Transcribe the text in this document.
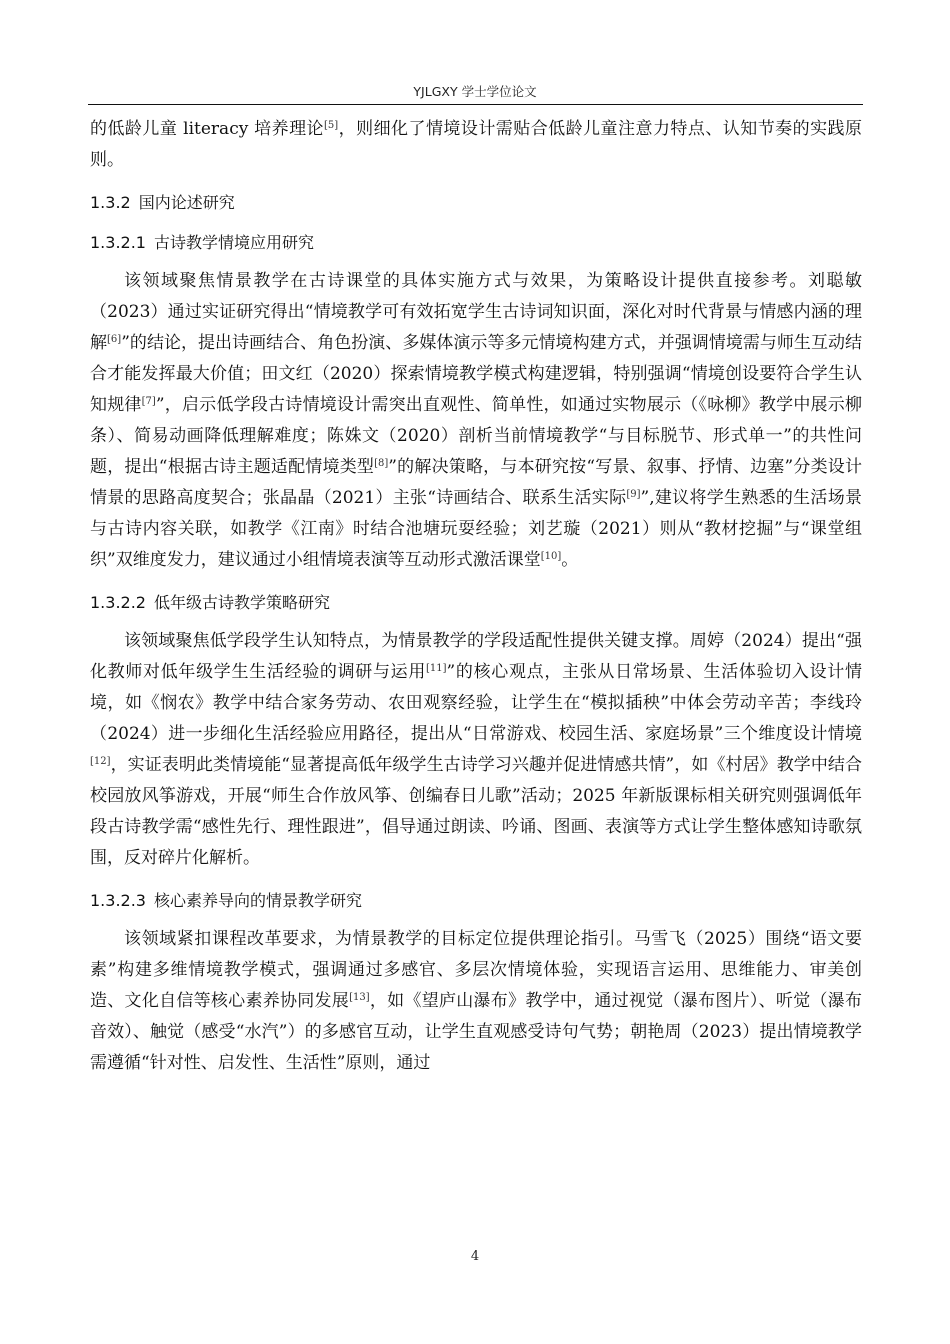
YJLGXY 学士学位论文

的低龄儿童 literacy 培养理论[5]，则细化了情境设计需贴合低龄儿童注意力特点、认知节奏的实践原则。

1.3.2 国内论述研究
1.3.2.1 古诗教学情境应用研究

该领域聚焦情景教学在古诗课堂的具体实施方式与效果，为策略设计提供直接参考。刘聪敏（2023）通过实证研究得出“情境教学可有效拓宽学生古诗词知识面，深化对时代背景与情感内涵的理解[6]”的结论，提出诗画结合、角色扮演、多媒体演示等多元情境构建方式，并强调情境需与师生互动结合才能发挥最大价值；田文红（2020）探索情境教学模式构建逻辑，特别强调“情境创设要符合学生认知规律[7]”，启示低学段古诗情境设计需突出直观性、简单性，如通过实物展示（《咏柳》教学中展示柳条）、简易动画降低理解难度；陈姝文（2020）剖析当前情境教学“与目标脱节、形式单一”的共性问题，提出“根据古诗主题适配情境类型[8]”的解决策略，与本研究按“写景、叙事、抒情、边塞”分类设计情景的思路高度契合；张晶晶（2021）主张“诗画结合、联系生活实际[9]”,建议将学生熟悉的生活场景与古诗内容关联，如教学《江南》时结合池塘玩耍经验；刘艺璇（2021）则从“教材挖掘”与“课堂组织”双维度发力，建议通过小组情境表演等互动形式激活课堂[10]。

1.3.2.2 低年级古诗教学策略研究

该领域聚焦低学段学生认知特点，为情景教学的学段适配性提供关键支撑。周婷（2024）提出“强化教师对低年级学生生活经验的调研与运用[11]”的核心观点，主张从日常场景、生活体验切入设计情境，如《悯农》教学中结合家务劳动、农田观察经验，让学生在“模拟插秧”中体会劳动辛苦；李线玲（2024）进一步细化生活经验应用路径，提出从“日常游戏、校园生活、家庭场景”三个维度设计情境[12]，实证表明此类情境能“显著提高低年级学生古诗学习兴趣并促进情感共情”，如《村居》教学中结合校园放风筝游戏，开展“师生合作放风筝、创编春日儿歌”活动；2025 年新版课标相关研究则强调低年段古诗教学需“感性先行、理性跟进”，倡导通过朗读、吟诵、图画、表演等方式让学生整体感知诗歌氛围，反对碎片化解析。

1.3.2.3 核心素养导向的情景教学研究

该领域紧扣课程改革要求，为情景教学的目标定位提供理论指引。马雪飞（2025）围绕“语文要素”构建多维情境教学模式，强调通过多感官、多层次情境体验，实现语言运用、思维能力、审美创造、文化自信等核心素养协同发展[13]，如《望庐山瀑布》教学中，通过视觉（瀑布图片）、听觉（瀑布音效）、触觉（感受“水汽”）的多感官互动，让学生直观感受诗句气势；朝艳周（2023）提出情境教学需遵循“针对性、启发性、生活性”原则，通过

4
